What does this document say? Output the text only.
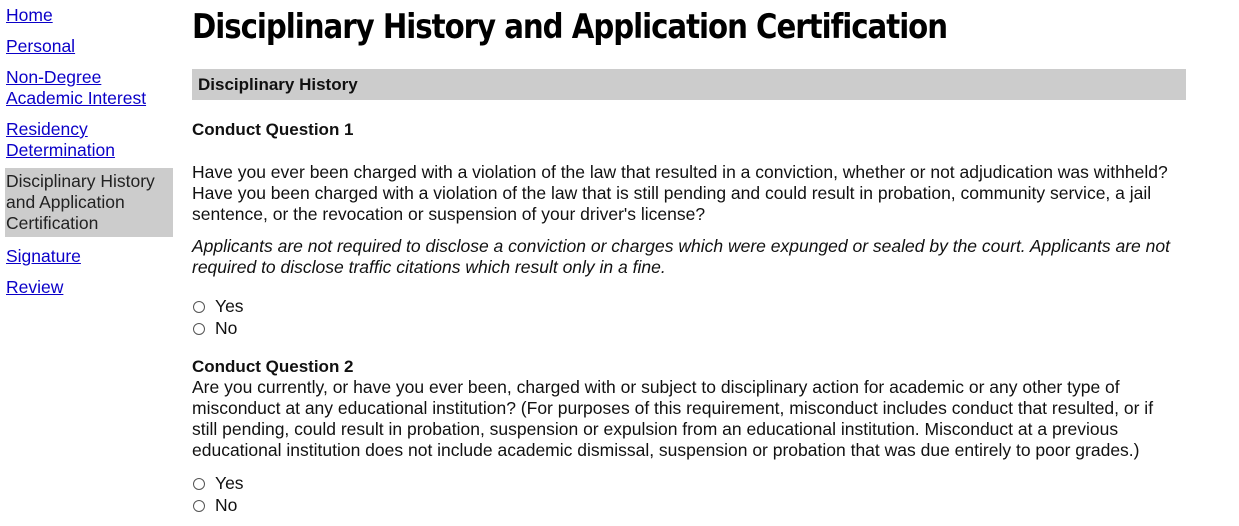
Home
Personal
Non-Degree Academic Interest
Residency Determination
Disciplinary History and Application Certification
Signature
Review
Disciplinary History and Application Certification
Disciplinary History

Conduct Question 1

Have you ever been charged with a violation of the law that resulted in a conviction, whether or not adjudication was withheld? Have you been charged with a violation of the law that is still pending and could result in probation, community service, a jail sentence, or the revocation or suspension of your driver's license?

Applicants are not required to disclose a conviction or charges which were expunged or sealed by the court. Applicants are not required to disclose traffic citations which result only in a fine.

Yes
No

Conduct Question 2

Are you currently, or have you ever been, charged with or subject to disciplinary action for academic or any other type of misconduct at any educational institution? (For purposes of this requirement, misconduct includes conduct that resulted, or if still pending, could result in probation, suspension or expulsion from an educational institution. Misconduct at a previous educational institution does not include academic dismissal, suspension or probation that was due entirely to poor grades.)

Yes
No
